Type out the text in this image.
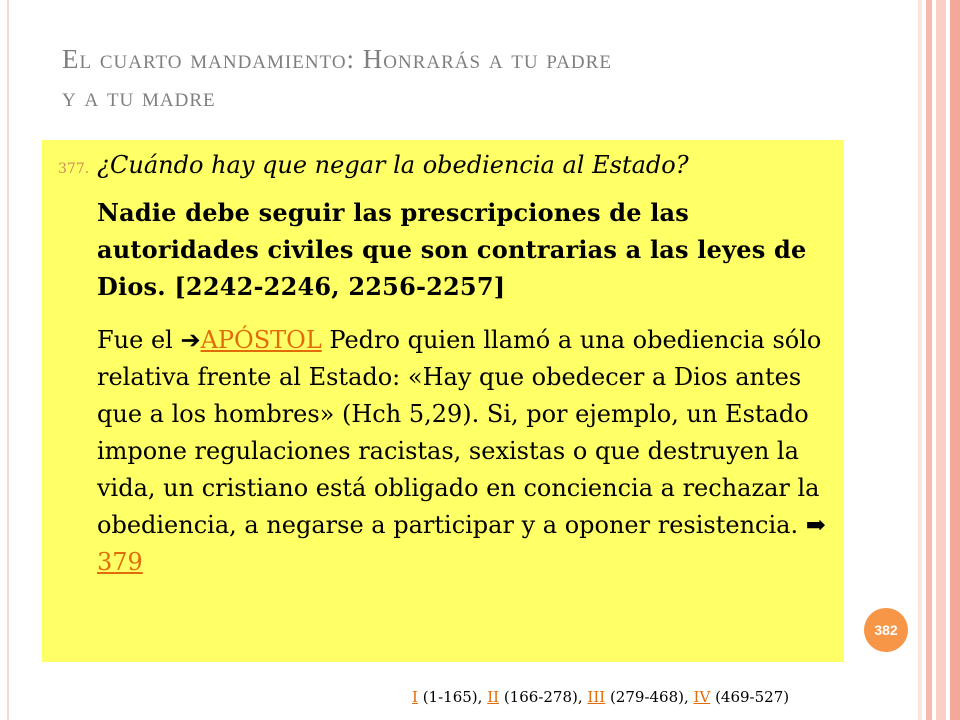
El cuarto mandamiento: Honrarás a tu padre
y a tu madre
377. ¿Cuándo hay que negar la obediencia al Estado?
Nadie debe seguir las prescripciones de las autoridades civiles que son contrarias a las leyes de Dios. [2242-2246, 2256-2257]
Fue el ➔APÓSTOL Pedro quien llamó a una obediencia sólo relativa frente al Estado: «Hay que obedecer a Dios antes que a los hombres» (Hch 5,29). Si, por ejemplo, un Estado impone regulaciones racistas, sexistas o que destruyen la vida, un cristiano está obligado en conciencia a rechazar la obediencia, a negarse a participar y a oponer resistencia. ➡  379
382
I (1-165), II (166-278), III (279-468), IV (469-527)
